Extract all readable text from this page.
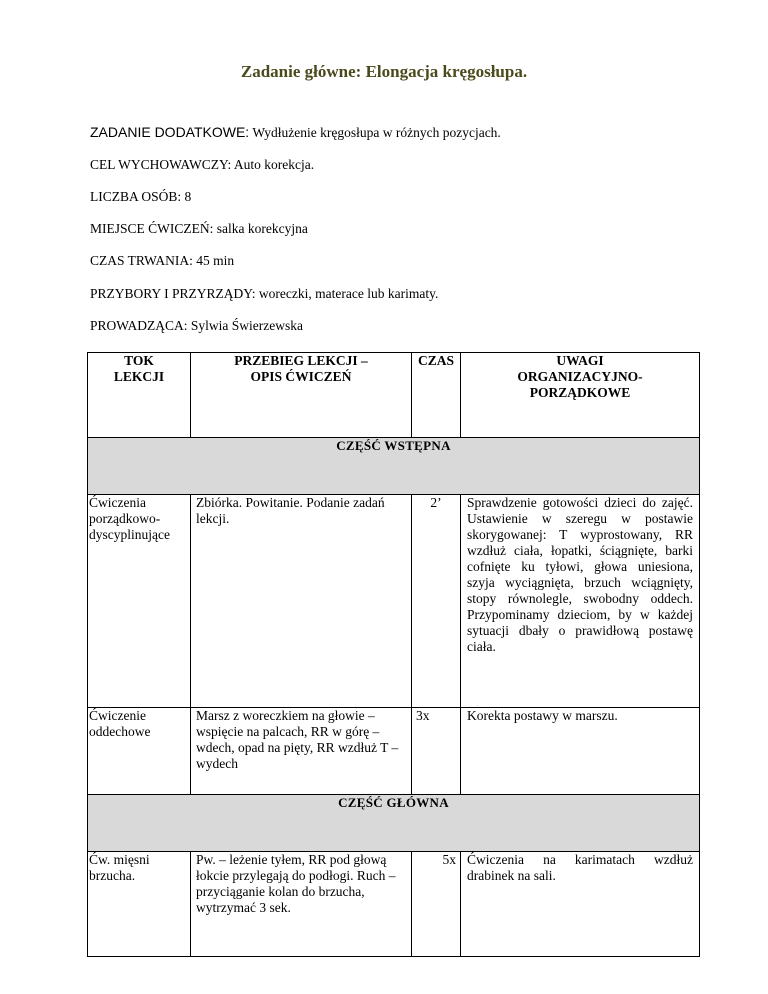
Zadanie główne: Elongacja kręgosłupa.
ZADANIE DODATKOWE: Wydłużenie kręgosłupa w różnych pozycjach.
CEL WYCHOWAWCZY: Auto korekcja.
LICZBA OSÓB: 8
MIEJSCE ĆWICZEŃ: salka korekcyjna
CZAS TRWANIA: 45 min
PRZYBORY I PRZYRZĄDY: woreczki, materace lub karimaty.
PROWADZĄCA: Sylwia Świerzewska
TOK LEKCJI	PRZEBIEG LEKCJI – OPIS ĆWICZEŃ	CZAS	UWAGI ORGANIZACYJNO-PORZĄDKOWE
CZĘŚĆ WSTĘPNA			
Ćwiczenia porządkowo-dyscyplinujące	Zbiórka. Powitanie. Podanie zadań lekcji.	2’	Sprawdzenie gotowości dzieci do zajęć. Ustawienie w szeregu w postawie skorygowanej: T wyprostowany, RR wzdłuż ciała, łopatki, ściągnięte, barki cofnięte ku tyłowi, głowa uniesiona, szyja wyciągnięta, brzuch wciągnięty, stopy równolegle, swobodny oddech. Przypominamy dzieciom, by w każdej sytuacji dbały o prawidłową postawę ciała.
Ćwiczenie oddechowe	Marsz z woreczkiem na głowie – wspięcie na palcach, RR w górę – wdech, opad na pięty, RR wzdłuż T – wydech	3x	Korekta postawy w marszu.
CZĘŚĆ GŁÓWNA			
Ćw. mięsni brzucha.	Pw. – leżenie tyłem, RR pod głową łokcie przylegają do podłogi. Ruch – przyciąganie kolan do brzucha, wytrzymać 3 sek.	5x	Ćwiczenia na karimatach wzdłuż drabinek na sali.
